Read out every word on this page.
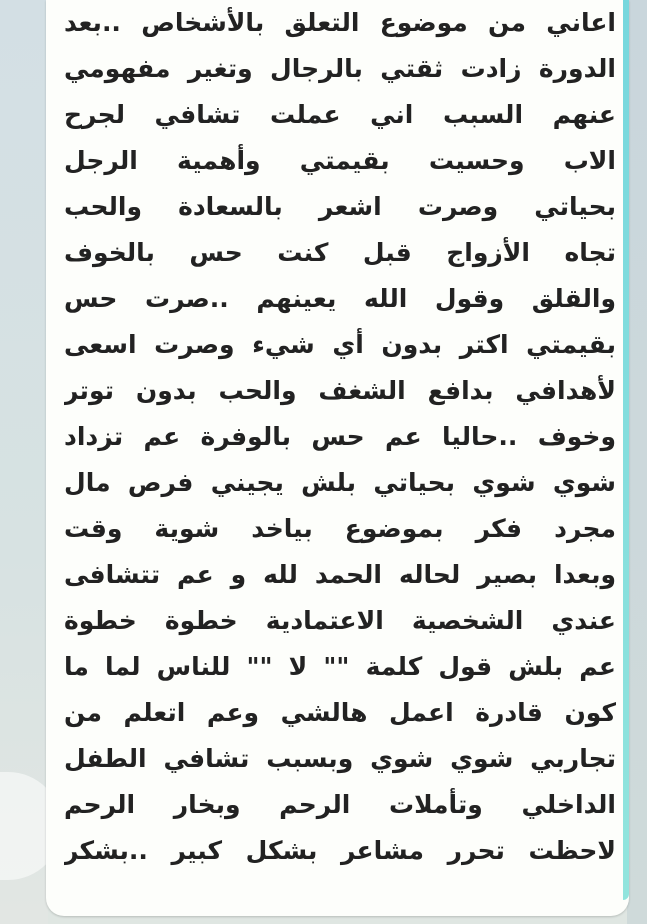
اعاني من موضوع التعلق بالأشخاص ..بعد
الدورة زادت ثقتي بالرجال وتغير مفهومي
عنهم السبب اني عملت تشافي لجرح
الاب وحسيت بقيمتي وأهمية الرجل
بحياتي وصرت اشعر بالسعادة والحب
تجاه الأزواج قبل كنت حس بالخوف
والقلق وقول الله يعينهم ..صرت حس
بقيمتي اكتر بدون أي شيء وصرت اسعى
لأهدافي بدافع الشغف والحب بدون توتر
وخوف ..حاليا عم حس بالوفرة عم تزداد
شوي شوي بحياتي بلش يجيني فرص مال
مجرد فكر بموضوع بياخد شوية وقت
وبعدا بصير لحاله الحمد لله و عم تتشافى
عندي الشخصية الاعتمادية خطوة خطوة
عم بلش قول كلمة "" لا "" للناس لما ما
كون قادرة اعمل هالشي وعم اتعلم من
تجاربي شوي شوي وبسبب تشافي الطفل
الداخلي وتأملات الرحم وبخار الرحم
لاحظت تحرر مشاعر بشكل كبير ..بشكر
